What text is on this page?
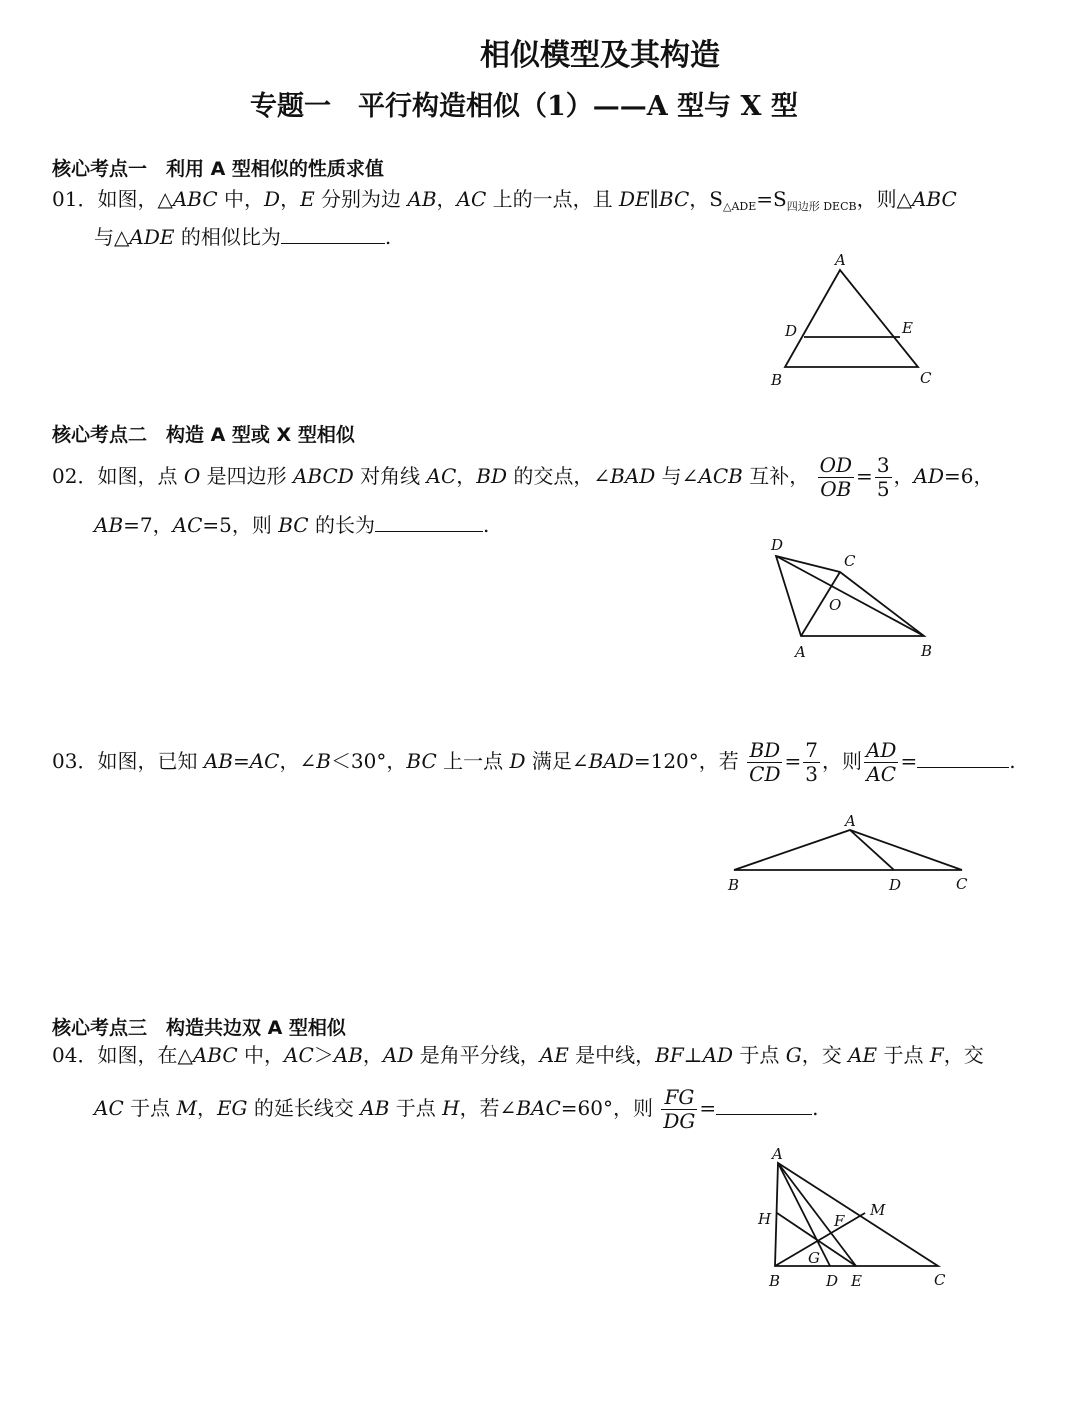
相似模型及其构造
专题一　平行构造相似（1）——A 型与 X 型
核心考点一　利用 A 型相似的性质求值
01．如图，△ABC 中，D，E 分别为边 AB，AC 上的一点，且 DE∥BC，$S_{\triangle ADE}=S_{四边形 DECB}$，则△ABC
与△ADE 的相似比为	.
A
D	E
B	C
核心考点二　构造 A 型或 X 型相似
02．如图，点 O 是四边形 ABCD 对角线 AC，BD 的交点，∠BAD 与∠ACB 互补， $\frac{OD}{OB} = \frac{3}{5}$ ，AD=6，
AB=7，AC=5，则 BC 的长为	.
D
C
O
A	B
03．如图，已知 AB=AC，∠B＜30°，BC 上一点 D 满足∠BAD=120°，若 $\frac{BD}{CD} = \frac{7}{3}$ ，则 $\frac{AD}{AC}$ =	.
A
B	D	C
核心考点三　构造共边双 A 型相似
04．如图，在△ABC 中，AC＞AB，AD 是角平分线，AE 是中线，BF⊥AD 于点 G，交 AE 于点 F，交
AC 于点 M，EG 的延长线交 AB 于点 H，若∠BAC=60°，则 $\frac{FG}{DG}$ =	.
A
H	F
M
G
B	D E	C
